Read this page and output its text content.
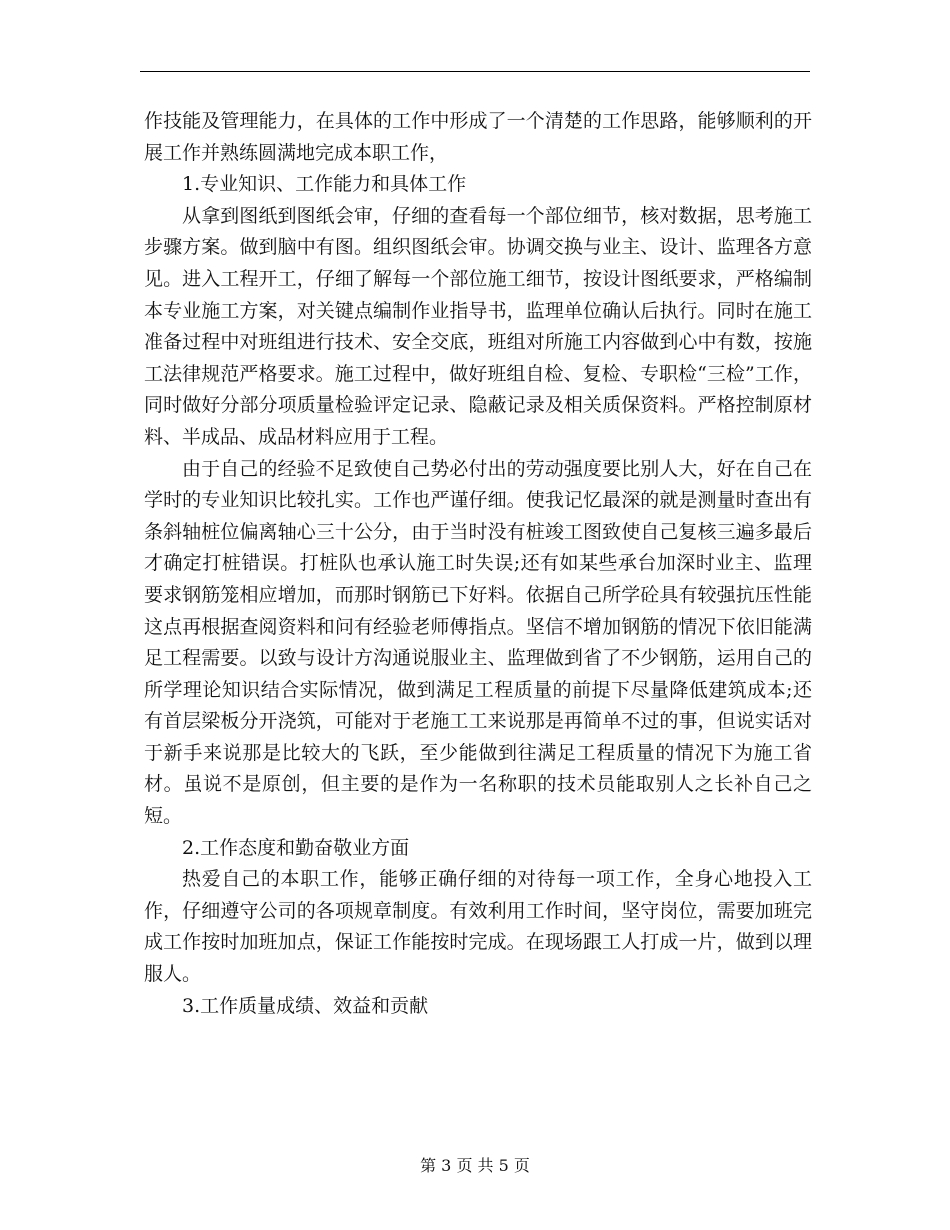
作技能及管理能力，在具体的工作中形成了一个清楚的工作思路，能够顺利的开展工作并熟练圆满地完成本职工作，

1.专业知识、工作能力和具体工作

从拿到图纸到图纸会审，仔细的查看每一个部位细节，核对数据，思考施工步骤方案。做到脑中有图。组织图纸会审。协调交换与业主、设计、监理各方意见。进入工程开工，仔细了解每一个部位施工细节，按设计图纸要求，严格编制本专业施工方案，对关键点编制作业指导书，监理单位确认后执行。同时在施工准备过程中对班组进行技术、安全交底，班组对所施工内容做到心中有数，按施工法律规范严格要求。施工过程中，做好班组自检、复检、专职检“三检”工作，同时做好分部分项质量检验评定记录、隐蔽记录及相关质保资料。严格控制原材料、半成品、成品材料应用于工程。

由于自己的经验不足致使自己势必付出的劳动强度要比别人大，好在自己在学时的专业知识比较扎实。工作也严谨仔细。使我记忆最深的就是测量时查出有条斜轴桩位偏离轴心三十公分，由于当时没有桩竣工图致使自己复核三遍多最后才确定打桩错误。打桩队也承认施工时失误;还有如某些承台加深时业主、监理要求钢筋笼相应增加，而那时钢筋已下好料。依据自己所学砼具有较强抗压性能这点再根据查阅资料和问有经验老师傅指点。坚信不增加钢筋的情况下依旧能满足工程需要。以致与设计方沟通说服业主、监理做到省了不少钢筋，运用自己的所学理论知识结合实际情况，做到满足工程质量的前提下尽量降低建筑成本;还有首层梁板分开浇筑，可能对于老施工工来说那是再简单不过的事，但说实话对于新手来说那是比较大的飞跃，至少能做到往满足工程质量的情况下为施工省材。虽说不是原创，但主要的是作为一名称职的技术员能取别人之长补自己之短。

2.工作态度和勤奋敬业方面

热爱自己的本职工作，能够正确仔细的对待每一项工作，全身心地投入工作，仔细遵守公司的各项规章制度。有效利用工作时间，坚守岗位，需要加班完成工作按时加班加点，保证工作能按时完成。在现场跟工人打成一片，做到以理服人。

3.工作质量成绩、效益和贡献

第 3 页 共 5 页
